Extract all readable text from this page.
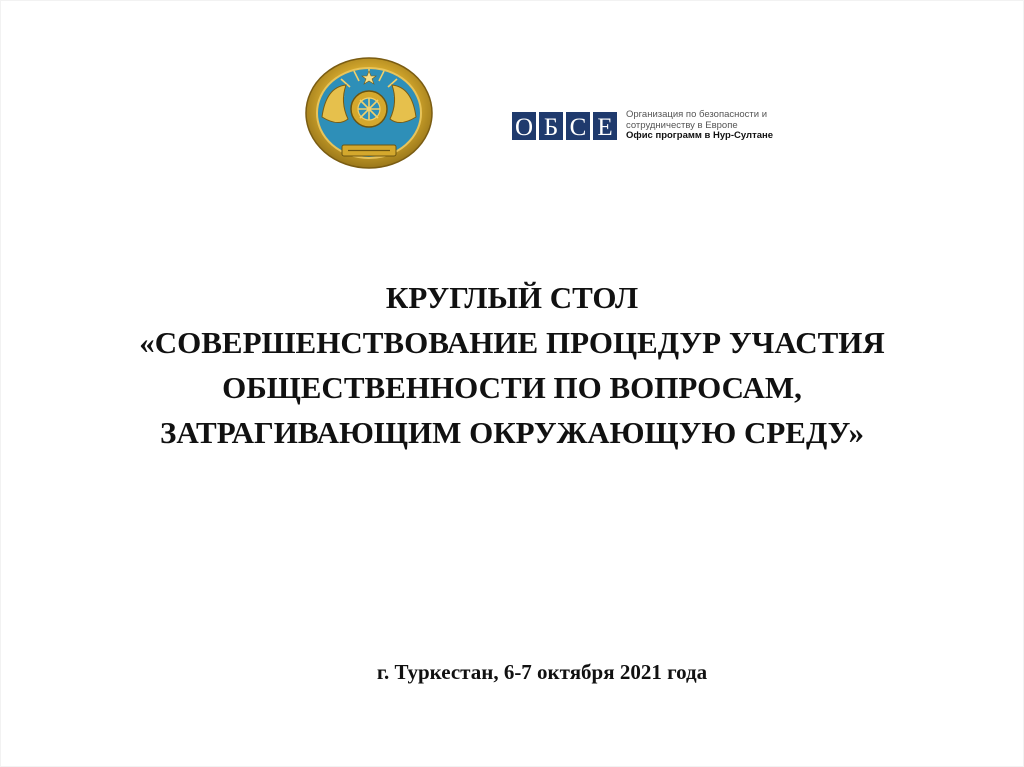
О Б С Е Организация по безопасности и
сотрудничеству в Европе
Офис программ в Нур-Султане
КРУГЛЫЙ СТОЛ
«СОВЕРШЕНСТВОВАНИЕ ПРОЦЕДУР УЧАСТИЯ
ОБЩЕСТВЕННОСТИ ПО ВОПРОСАМ,
ЗАТРАГИВАЮЩИМ ОКРУЖАЮЩУЮ СРЕДУ»
г. Туркестан, 6-7 октября 2021 года
